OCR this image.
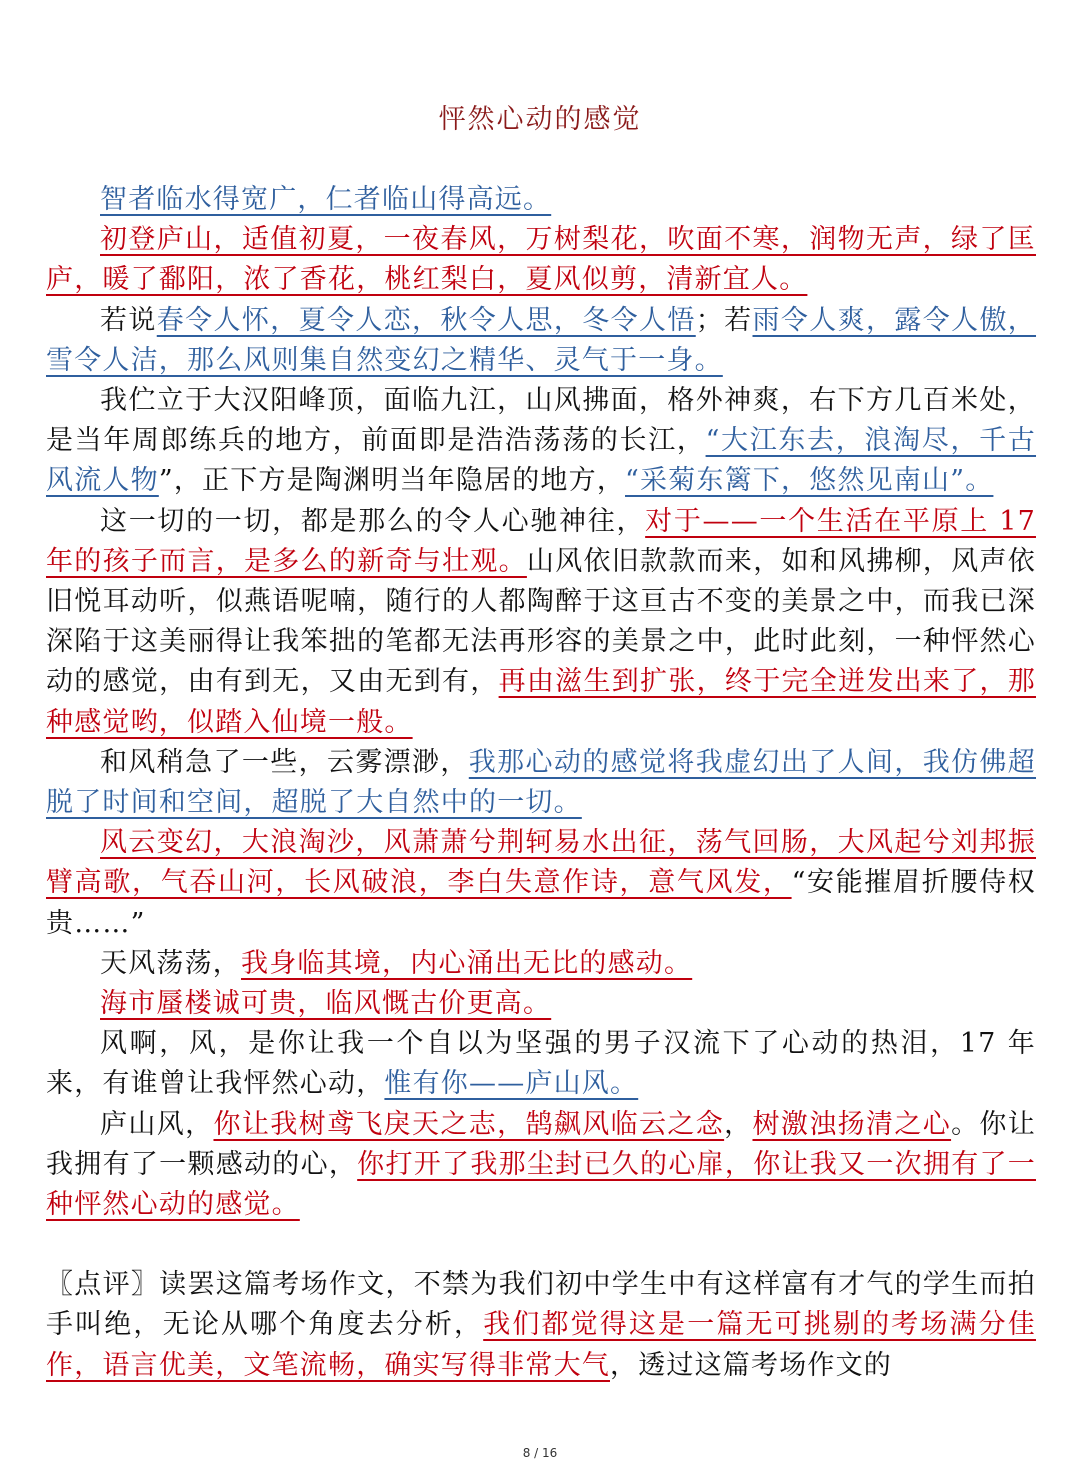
怦然心动的感觉

智者临水得宽广，仁者临山得高远。

初登庐山，适值初夏，一夜春风，万树梨花，吹面不寒，润物无声，绿了匡庐，暖了鄱阳，浓了香花，桃红梨白，夏风似剪，清新宜人。

若说春令人怀，夏令人恋，秋令人思，冬令人悟；若雨令人爽，露令人傲，雪令人洁，那么风则集自然变幻之精华、灵气于一身。

我伫立于大汉阳峰顶，面临九江，山风拂面，格外神爽，右下方几百米处，是当年周郎练兵的地方，前面即是浩浩荡荡的长江，“大江东去，浪淘尽，千古风流人物”，正下方是陶渊明当年隐居的地方，“采菊东篱下，悠然见南山”。

这一切的一切，都是那么的令人心驰神往，对于——一个生活在平原上 17 年的孩子而言，是多么的新奇与壮观。山风依旧款款而来，如和风拂柳，风声依旧悦耳动听，似燕语呢喃，随行的人都陶醉于这亘古不变的美景之中，而我已深深陷于这美丽得让我笨拙的笔都无法再形容的美景之中，此时此刻，一种怦然心动的感觉，由有到无，又由无到有，再由滋生到扩张，终于完全迸发出来了，那种感觉哟，似踏入仙境一般。

和风稍急了一些，云雾漂渺，我那心动的感觉将我虚幻出了人间，我仿佛超脱了时间和空间，超脱了大自然中的一切。

风云变幻，大浪淘沙，风萧萧兮荆轲易水出征，荡气回肠，大风起兮刘邦振臂高歌，气吞山河，长风破浪，李白失意作诗，意气风发，“安能摧眉折腰侍权贵……”

天风荡荡，我身临其境，内心涌出无比的感动。

海市蜃楼诚可贵，临风慨古价更高。

风啊，风，是你让我一个自以为坚强的男子汉流下了心动的热泪，17 年来，有谁曾让我怦然心动，惟有你——庐山风。

庐山风，你让我树鸢飞戾天之志，鹄飙风临云之念，树激浊扬清之心。你让我拥有了一颗感动的心，你打开了我那尘封已久的心扉，你让我又一次拥有了一种怦然心动的感觉。

〖点评〗读罢这篇考场作文，不禁为我们初中学生中有这样富有才气的学生而拍手叫绝，无论从哪个角度去分析，我们都觉得这是一篇无可挑剔的考场满分佳作，语言优美，文笔流畅，确实写得非常大气，透过这篇考场作文的

8 / 16
